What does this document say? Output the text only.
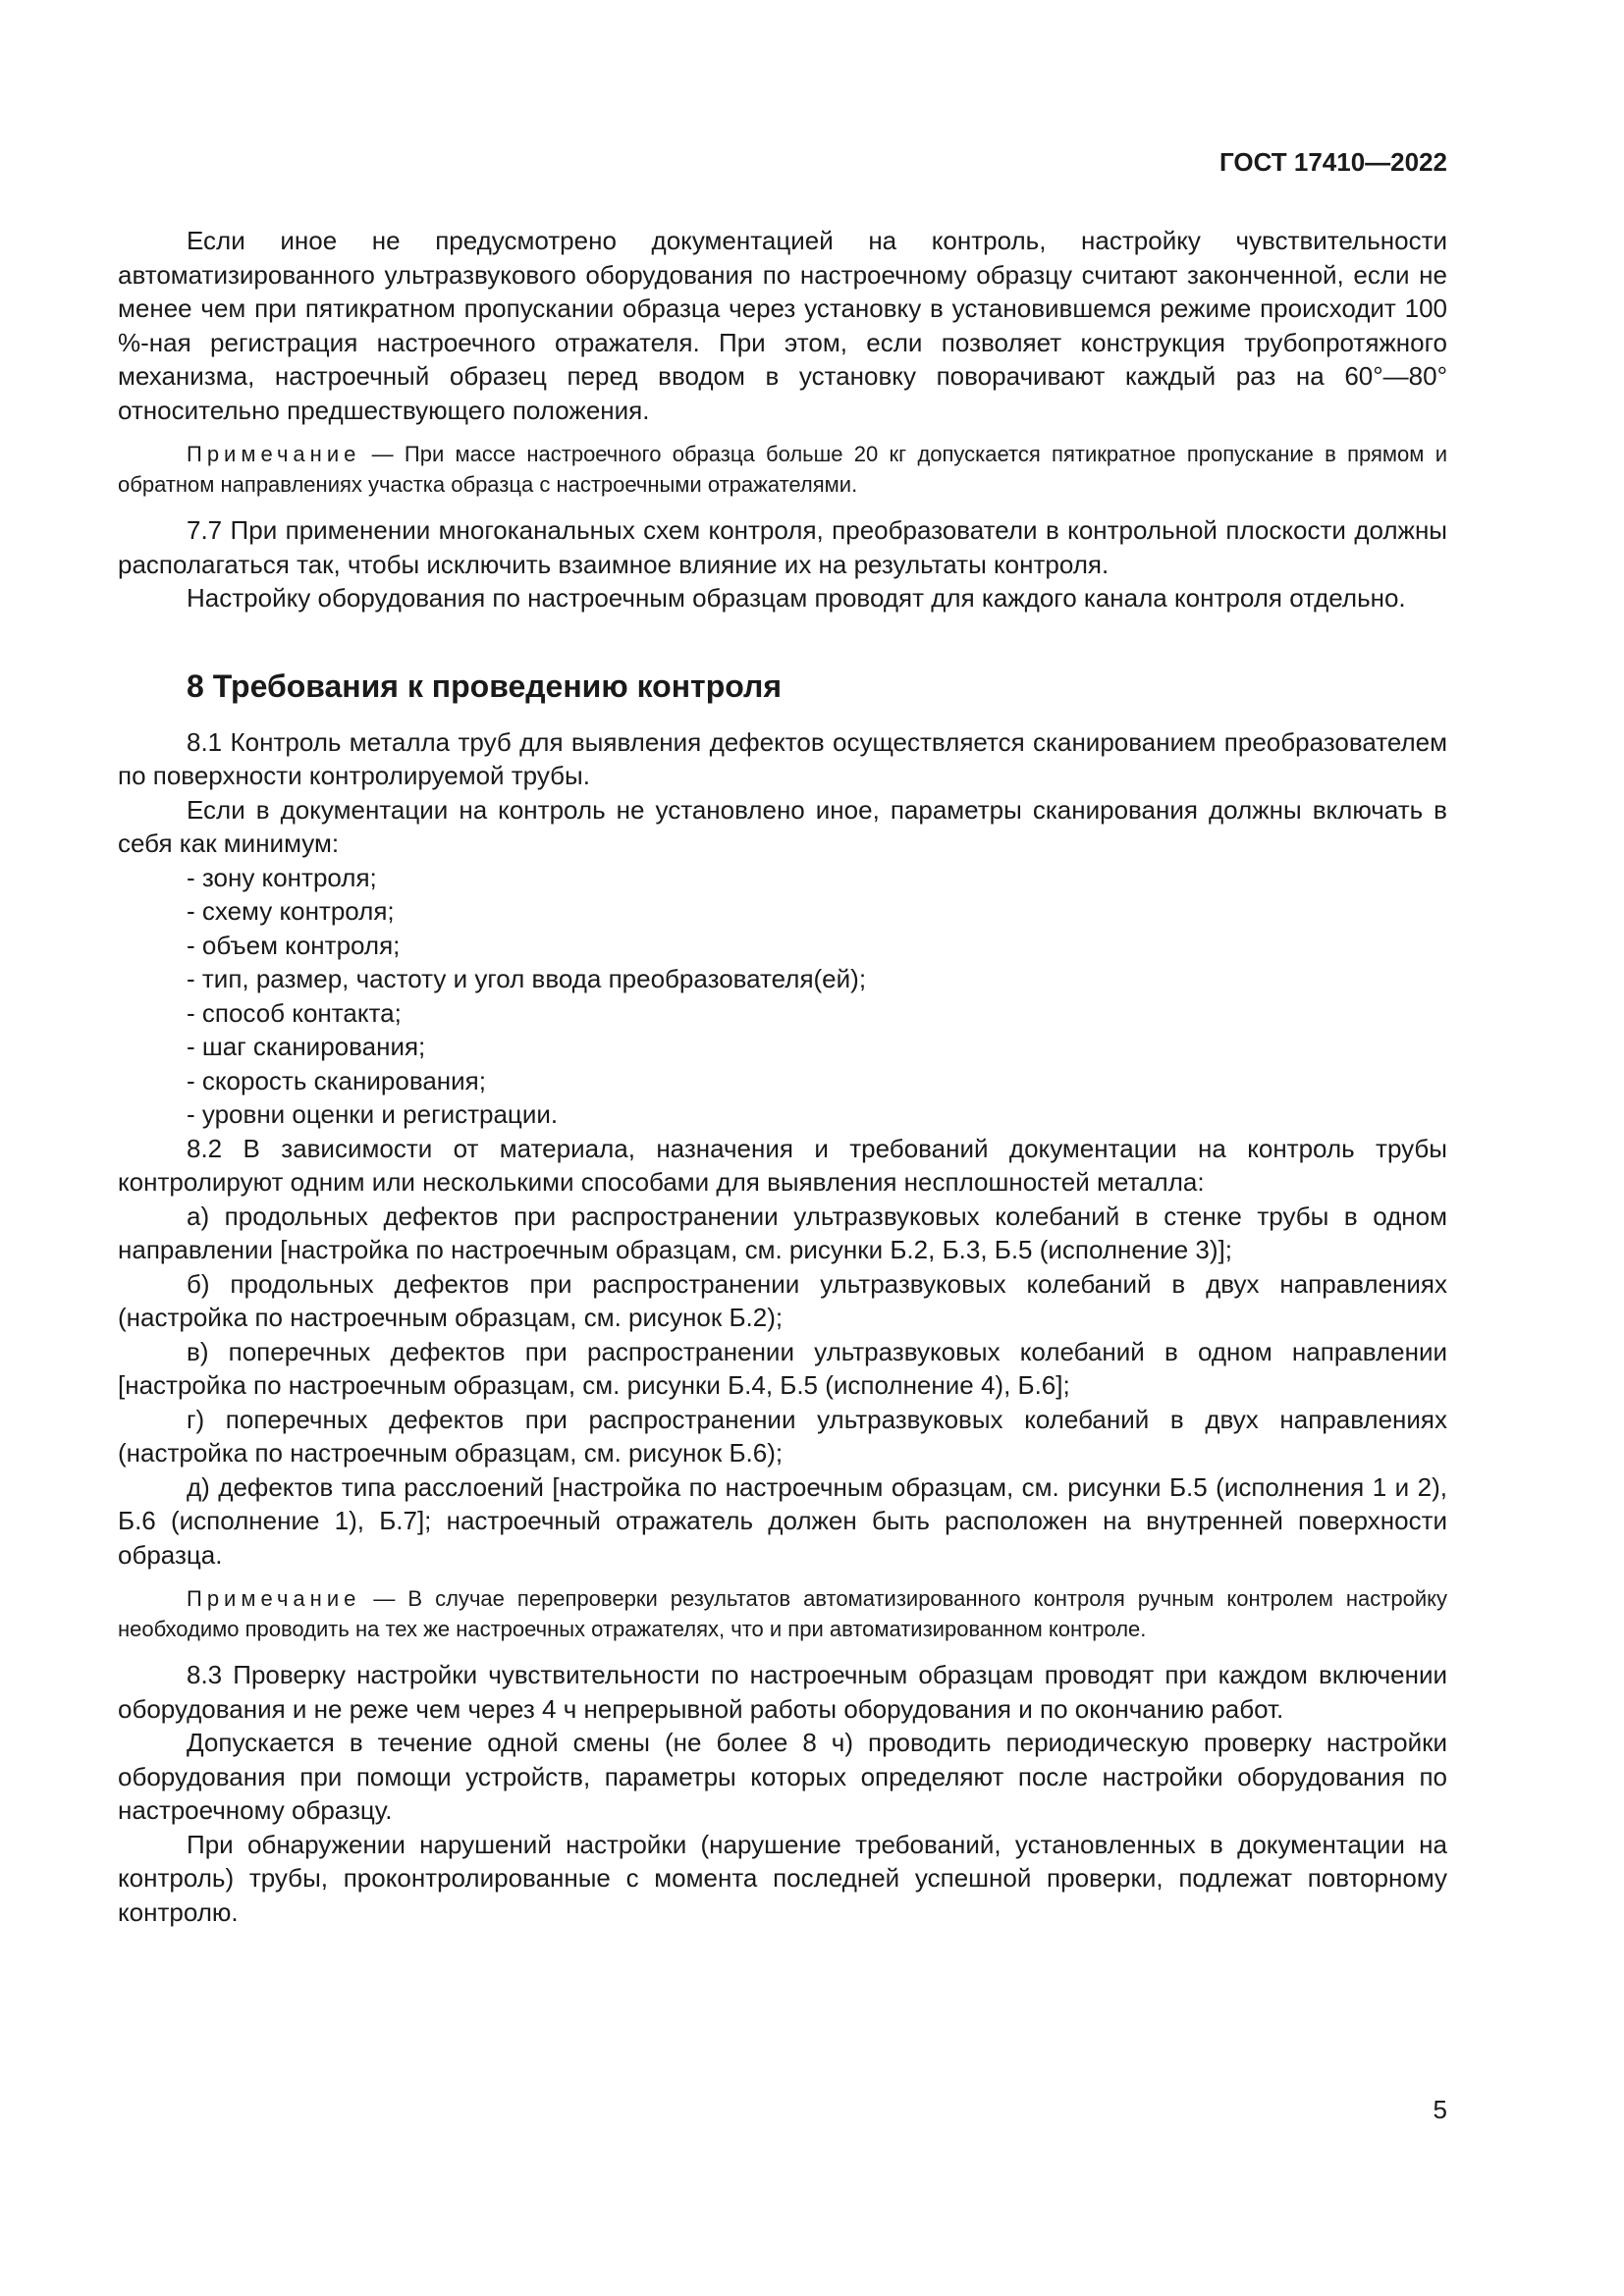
ГОСТ 17410—2022

Если иное не предусмотрено документацией на контроль, настройку чувствительности автоматизированного ультразвукового оборудования по настроечному образцу считают законченной, если не менее чем при пятикратном пропускании образца через установку в установившемся режиме происходит 100 %-ная регистрация настроечного отражателя. При этом, если позволяет конструкция трубопротяжного механизма, настроечный образец перед вводом в установку поворачивают каждый раз на 60°—80° относительно предшествующего положения.

Примечание — При массе настроечного образца больше 20 кг допускается пятикратное пропускание в прямом и обратном направлениях участка образца с настроечными отражателями.

7.7 При применении многоканальных схем контроля, преобразователи в контрольной плоскости должны располагаться так, чтобы исключить взаимное влияние их на результаты контроля.

Настройку оборудования по настроечным образцам проводят для каждого канала контроля отдельно.

8 Требования к проведению контроля

8.1 Контроль металла труб для выявления дефектов осуществляется сканированием преобразователем по поверхности контролируемой трубы.

Если в документации на контроль не установлено иное, параметры сканирования должны включать в себя как минимум:

- зону контроля;
- схему контроля;
- объем контроля;
- тип, размер, частоту и угол ввода преобразователя(ей);
- способ контакта;
- шаг сканирования;
- скорость сканирования;
- уровни оценки и регистрации.

8.2 В зависимости от материала, назначения и требований документации на контроль трубы контролируют одним или несколькими способами для выявления несплошностей металла:

а) продольных дефектов при распространении ультразвуковых колебаний в стенке трубы в одном направлении [настройка по настроечным образцам, см. рисунки Б.2, Б.3, Б.5 (исполнение 3)];

б) продольных дефектов при распространении ультразвуковых колебаний в двух направлениях (настройка по настроечным образцам, см. рисунок Б.2);

в) поперечных дефектов при распространении ультразвуковых колебаний в одном направлении [настройка по настроечным образцам, см. рисунки Б.4, Б.5 (исполнение 4), Б.6];

г) поперечных дефектов при распространении ультразвуковых колебаний в двух направлениях (настройка по настроечным образцам, см. рисунок Б.6);

д) дефектов типа расслоений [настройка по настроечным образцам, см. рисунки Б.5 (исполнения 1 и 2), Б.6 (исполнение 1), Б.7]; настроечный отражатель должен быть расположен на внутренней поверхности образца.

Примечание — В случае перепроверки результатов автоматизированного контроля ручным контролем настройку необходимо проводить на тех же настроечных отражателях, что и при автоматизированном контроле.

8.3 Проверку настройки чувствительности по настроечным образцам проводят при каждом включении оборудования и не реже чем через 4 ч непрерывной работы оборудования и по окончанию работ.

Допускается в течение одной смены (не более 8 ч) проводить периодическую проверку настройки оборудования при помощи устройств, параметры которых определяют после настройки оборудования по настроечному образцу.

При обнаружении нарушений настройки (нарушение требований, установленных в документации на контроль) трубы, проконтролированные с момента последней успешной проверки, подлежат повторному контролю.

5
